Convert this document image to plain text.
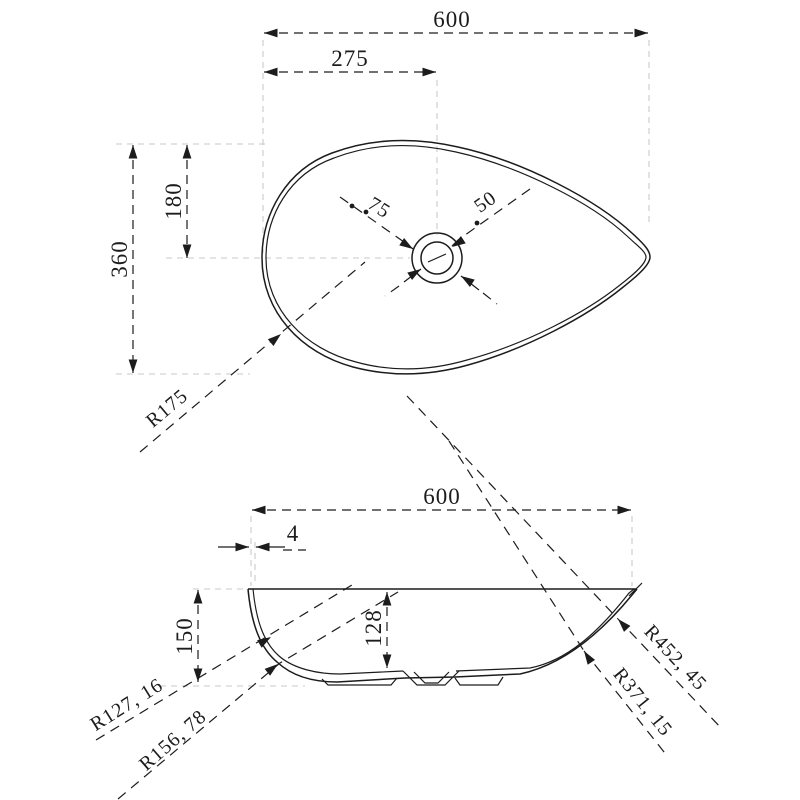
600
275
360
180	75	50
R175
600
4
150	128	R452, 45
R371, 15
R127, 16
R156, 78
